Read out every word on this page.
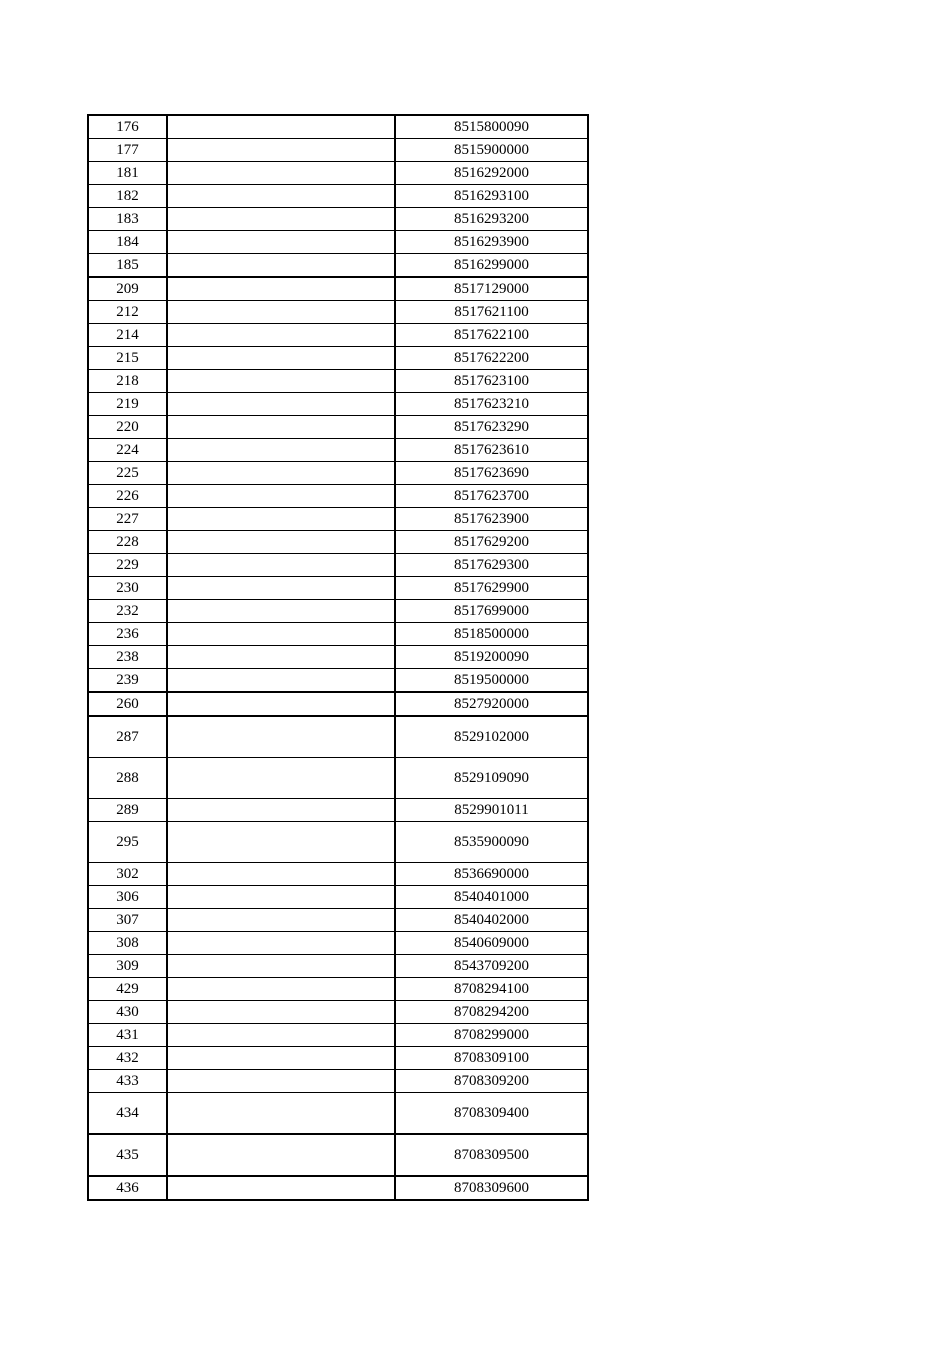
176		8515800090
177		8515900000
181		8516292000
182		8516293100
183		8516293200
184		8516293900
185		8516299000
209		8517129000
212		8517621100
214		8517622100
215		8517622200
218		8517623100
219		8517623210
220		8517623290
224		8517623610
225		8517623690
226		8517623700
227		8517623900
228		8517629200
229		8517629300
230		8517629900
232		8517699000
236		8518500000
238		8519200090
239		8519500000
260		8527920000
287		8529102000
288		8529109090
289		8529901011
295		8535900090
302		8536690000
306		8540401000
307		8540402000
308		8540609000
309		8543709200
429		8708294100
430		8708294200
431		8708299000
432		8708309100
433		8708309200
434		8708309400
435		8708309500
436		8708309600
